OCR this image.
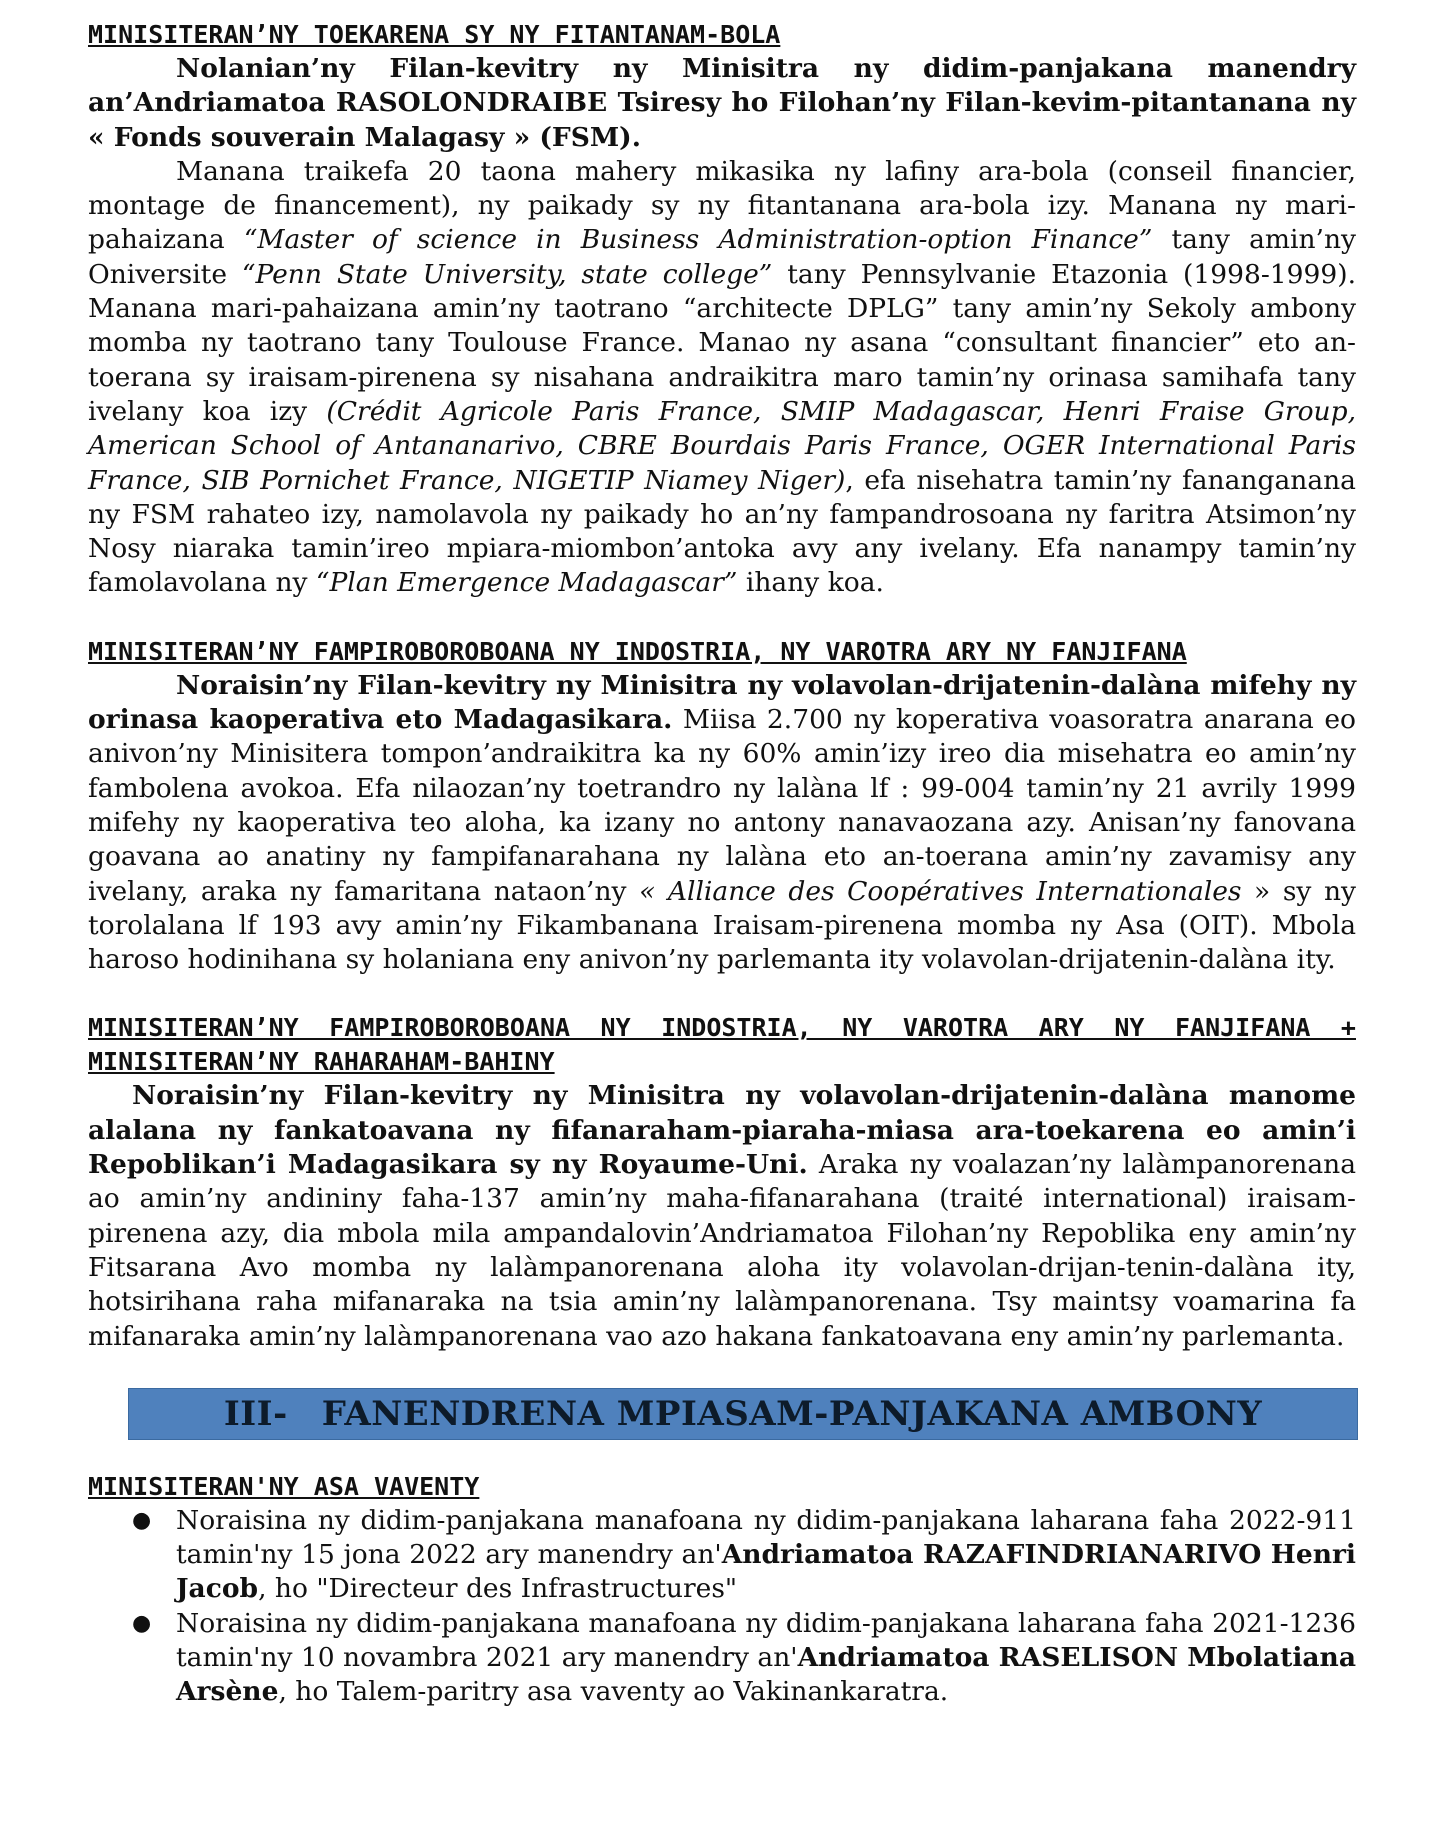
MINISITERAN’NY TOEKARENA SY NY FITANTANAM-BOLA

Nolanian’ny Filan-kevitry ny Minisitra ny didim-panjakana manendry an’Andriamatoa RASOLONDRAIBE Tsiresy ho Filohan’ny Filan-kevim-pitantanana ny « Fonds souverain Malagasy » (FSM).

Manana traikefa 20 taona mahery mikasika ny lafiny ara-bola (conseil financier, montage de financement), ny paikady sy ny fitantanana ara-bola izy. Manana ny mari-pahaizana “Master of science in Business Administration-option Finance” tany amin’ny Oniversite “Penn State University, state college” tany Pennsylvanie Etazonia (1998-1999). Manana mari-pahaizana amin’ny taotrano “architecte DPLG” tany amin’ny Sekoly ambony momba ny taotrano tany Toulouse France. Manao ny asana “consultant financier” eto an-toerana sy iraisam-pirenena sy nisahana andraikitra maro tamin’ny orinasa samihafa tany ivelany koa izy (Crédit Agricole Paris France, SMIP Madagascar, Henri Fraise Group, American School of Antananarivo, CBRE Bourdais Paris France, OGER International Paris France, SIB Pornichet France, NIGETIP Niamey Niger), efa nisehatra tamin’ny fananganana ny FSM rahateo izy, namolavola ny paikady ho an’ny fampandrosoana ny faritra Atsimon’ny Nosy niaraka tamin’ireo mpiara-miombon’antoka avy any ivelany. Efa nanampy tamin’ny famolavolana ny “Plan Emergence Madagascar” ihany koa.

MINISITERAN’NY FAMPIROBOROBOANA NY INDOSTRIA, NY VAROTRA ARY NY FANJIFANA

Noraisin’ny Filan-kevitry ny Minisitra ny volavolan-drijatenin-dalàna mifehy ny orinasa kaoperativa eto Madagasikara. Miisa 2.700 ny koperativa voasoratra anarana eo anivon’ny Minisitera tompon’andraikitra ka ny 60% amin’izy ireo dia misehatra eo amin’ny fambolena avokoa. Efa nilaozan’ny toetrandro ny lalàna lf : 99-004 tamin’ny 21 avrily 1999 mifehy ny kaoperativa teo aloha, ka izany no antony nanavaozana azy. Anisan’ny fanovana goavana ao anatiny ny fampifanarahana ny lalàna eto an-toerana amin’ny zavamisy any ivelany, araka ny famaritana nataon’ny « Alliance des Coopératives Internationales » sy ny torolalana lf 193 avy amin’ny Fikambanana Iraisam-pirenena momba ny Asa (OIT). Mbola haroso hodinihana sy holaniana eny anivon’ny parlemanta ity volavolan-drijatenin-dalàna ity.

MINISITERAN’NY FAMPIROBOROBOANA NY INDOSTRIA, NY VAROTRA ARY NY FANJIFANA + MINISITERAN’NY RAHARAHAM-BAHINY

Noraisin’ny Filan-kevitry ny Minisitra ny volavolan-drijatenin-dalàna manome alalana ny fankatoavana ny fifanaraham-piaraha-miasa ara-toekarena eo amin’i Repoblikan’i Madagasikara sy ny Royaume-Uni. Araka ny voalazan’ny lalàmpanorenana ao amin’ny andininy faha-137 amin’ny maha-fifanarahana (traité international) iraisam-pirenena azy, dia mbola mila ampandalovin’Andriamatoa Filohan’ny Repoblika eny amin’ny Fitsarana Avo momba ny lalàmpanorenana aloha ity volavolan-drijan-tenin-dalàna ity, hotsirihana raha mifanaraka na tsia amin’ny lalàmpanorenana. Tsy maintsy voamarina fa mifanaraka amin’ny lalàmpanorenana vao azo hakana fankatoavana eny amin’ny parlemanta.

III- FANENDRENA MPIASAM-PANJAKANA AMBONY

MINISITERAN'NY ASA VAVENTY

● Noraisina ny didim-panjakana manafoana ny didim-panjakana laharana faha 2022-911 tamin'ny 15 jona 2022 ary manendry an'Andriamatoa RAZAFINDRIANARIVO Henri Jacob, ho "Directeur des Infrastructures"
● Noraisina ny didim-panjakana manafoana ny didim-panjakana laharana faha 2021-1236 tamin'ny 10 novambra 2021 ary manendry an'Andriamatoa RASELISON Mbolatiana Arsène, ho Talem-paritry asa vaventy ao Vakinankaratra.
